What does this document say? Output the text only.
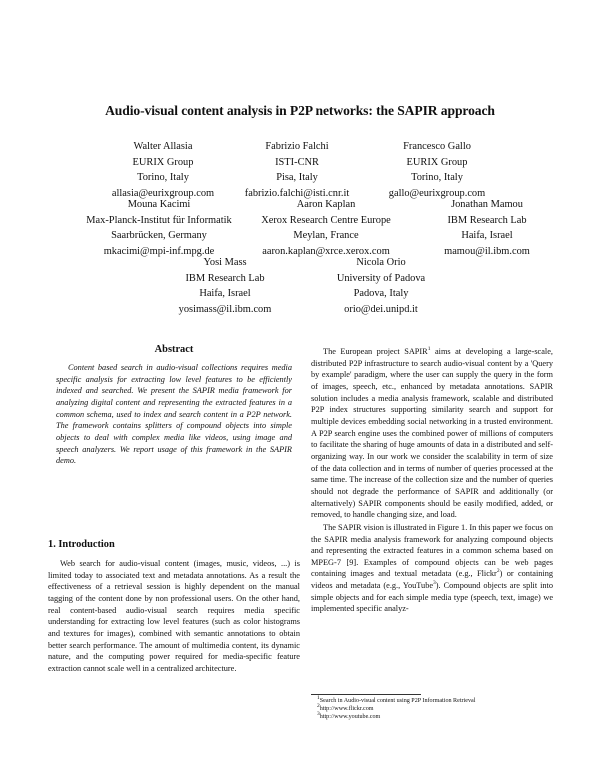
Audio-visual content analysis in P2P networks: the SAPIR approach
Walter Allasia
EURIX Group
Torino, Italy
allasia@eurixgroup.com
Fabrizio Falchi
ISTI-CNR
Pisa, Italy
fabrizio.falchi@isti.cnr.it
Francesco Gallo
EURIX Group
Torino, Italy
gallo@eurixgroup.com
Mouna Kacimi
Max-Planck-Institut für Informatik
Saarbrücken, Germany
mkacimi@mpi-inf.mpg.de
Aaron Kaplan
Xerox Research Centre Europe
Meylan, France
aaron.kaplan@xrce.xerox.com
Jonathan Mamou
IBM Research Lab
Haifa, Israel
mamou@il.ibm.com
Yosi Mass
IBM Research Lab
Haifa, Israel
yosimass@il.ibm.com
Nicola Orio
University of Padova
Padova, Italy
orio@dei.unipd.it
Abstract

Content based search in audio-visual collections requires media specific analysis for extracting low level features to be efficiently indexed and searched. We present the SAPIR media framework for analyzing digital content and representing the extracted features in a common schema, used to index and search content in a P2P network. The framework contains splitters of compound objects into simple objects to deal with complex media like videos, using image and speech analyzers. We report usage of this framework in the SAPIR demo.

1. Introduction

Web search for audio-visual content (images, music, videos, ...) is limited today to associated text and metadata annotations. As a result the effectiveness of a retrieval session is highly dependent on the manual tagging of the content done by non professional users. On the other hand, real content-based audio-visual search requires media specific understanding for extracting low level features (such as color histograms and textures for images), combined with semantic annotations to obtain better search performance. The amount of multimedia content, its dynamic nature, and the computing power required for media-specific feature extraction cannot scale well in a centralized architecture.

The European project SAPIR$^1$ aims at developing a large-scale, distributed P2P infrastructure to search audio-visual content by a 'Query by example' paradigm, where the user can supply the query in the form of images, speech, etc., enhanced by metadata annotations. SAPIR solution includes a media analysis framework, scalable and distributed P2P index structures supporting similarity search and support for multiple devices embedding social networking in a trusted environment. A P2P search engine uses the combined power of millions of computers to facilitate the sharing of huge amounts of data in a distributed and self-organizing way. In our work we consider the scalability in term of size of the data collection and in terms of number of queries processed at the same time. The increase of the collection size and the number of queries should not degrade the performance of SAPIR and additionally (or alternatively) SAPIR components should be easily modified, added, or removed, to handle changing size, and load.

The SAPIR vision is illustrated in Figure 1. In this paper we focus on the SAPIR media analysis framework for analyzing compound objects and representing the extracted features in a common schema based on MPEG-7 [9]. Examples of compound objects can be web pages containing images and textual metadata (e.g., Flickr$^2$) or containing videos and metadata (e.g., YouTube$^3$). Compound objects are split into simple objects and for each simple media type (speech, text, image) we implemented specific analyz-

$^1$Search in Audio-visual content using P2P Information Retrieval
$^2$http://www.flickr.com
$^3$http://www.youtube.com
